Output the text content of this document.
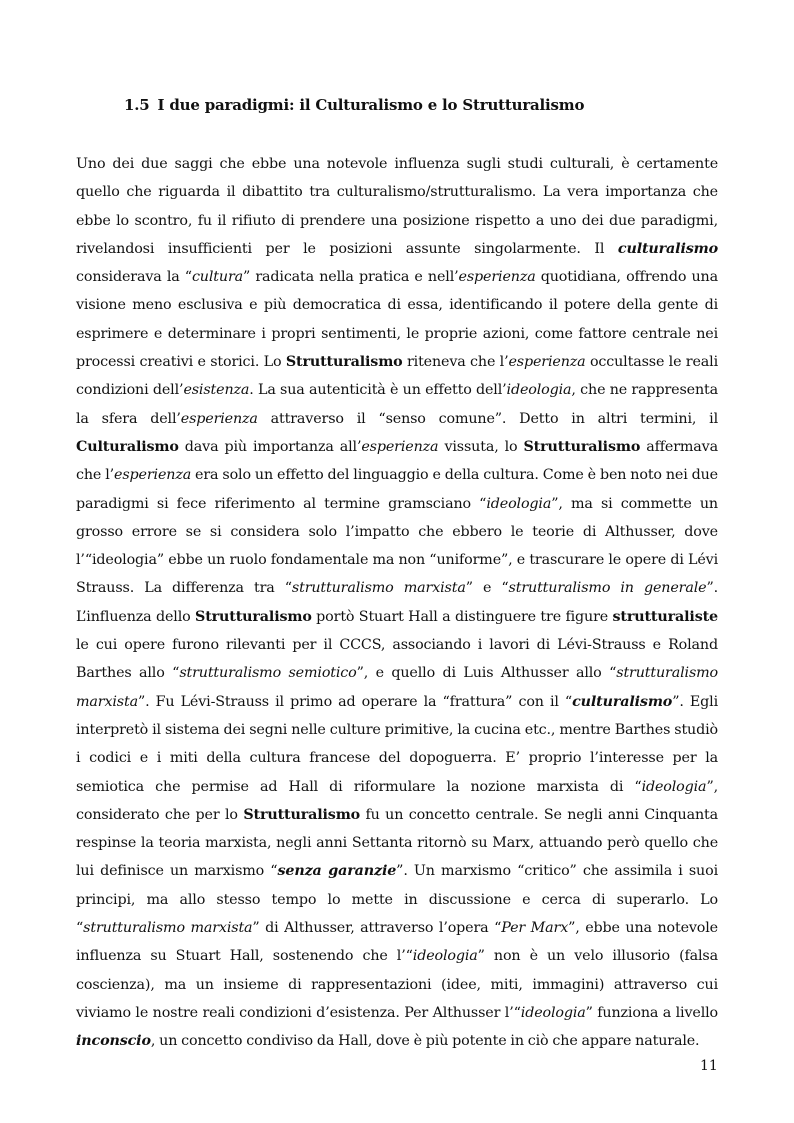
1.5 I due paradigmi: il Culturalismo e lo Strutturalismo
Uno dei due saggi che ebbe una notevole influenza sugli studi culturali, è certamente quello che riguarda il dibattito tra culturalismo/strutturalismo. La vera importanza che ebbe lo scontro, fu il rifiuto di prendere una posizione rispetto a uno dei due paradigmi, rivelandosi insufficienti per le posizioni assunte singolarmente. Il culturalismo considerava la “cultura” radicata nella pratica e nell’esperienza quotidiana, offrendo una visione meno esclusiva e più democratica di essa, identificando il potere della gente di esprimere e determinare i propri sentimenti, le proprie azioni, come fattore centrale nei processi creativi e storici. Lo Strutturalismo riteneva che l’esperienza occultasse le reali condizioni dell’esistenza. La sua autenticità è un effetto dell’ideologia, che ne rappresenta la sfera dell’esperienza attraverso il “senso comune”. Detto in altri termini, il Culturalismo dava più importanza all’esperienza vissuta, lo Strutturalismo affermava che l’esperienza era solo un effetto del linguaggio e della cultura. Come è ben noto nei due paradigmi si fece riferimento al termine gramsciano “ideologia”, ma si commette un grosso errore se si considera solo l’impatto che ebbero le teorie di Althusser, dove l’“ideologia” ebbe un ruolo fondamentale ma non “uniforme”, e trascurare le opere di Lévi Strauss. La differenza tra “strutturalismo marxista” e “strutturalismo in generale”. L’influenza dello Strutturalismo portò Stuart Hall a distinguere tre figure strutturaliste le cui opere furono rilevanti per il CCCS, associando i lavori di Lévi-Strauss e Roland Barthes allo “strutturalismo semiotico”, e quello di Luis Althusser allo “strutturalismo marxista”. Fu Lévi-Strauss il primo ad operare la “frattura” con il “culturalismo”. Egli interpretò il sistema dei segni nelle culture primitive, la cucina etc., mentre Barthes studiò i codici e i miti della cultura francese del dopoguerra. E’ proprio l’interesse per la semiotica che permise ad Hall di riformulare la nozione marxista di “ideologia”, considerato che per lo Strutturalismo fu un concetto centrale. Se negli anni Cinquanta respinse la teoria marxista, negli anni Settanta ritornò su Marx, attuando però quello che lui definisce un marxismo “senza garanzie”. Un marxismo “critico” che assimila i suoi principi, ma allo stesso tempo lo mette in discussione e cerca di superarlo. Lo “strutturalismo marxista” di Althusser, attraverso l’opera “Per Marx”, ebbe una notevole influenza su Stuart Hall, sostenendo che l’“ideologia” non è un velo illusorio (falsa coscienza), ma un insieme di rappresentazioni (idee, miti, immagini) attraverso cui viviamo le nostre reali condizioni d’esistenza. Per Althusser l’“ideologia” funziona a livello inconscio, un concetto condiviso da Hall, dove è più potente in ciò che appare naturale.
11
